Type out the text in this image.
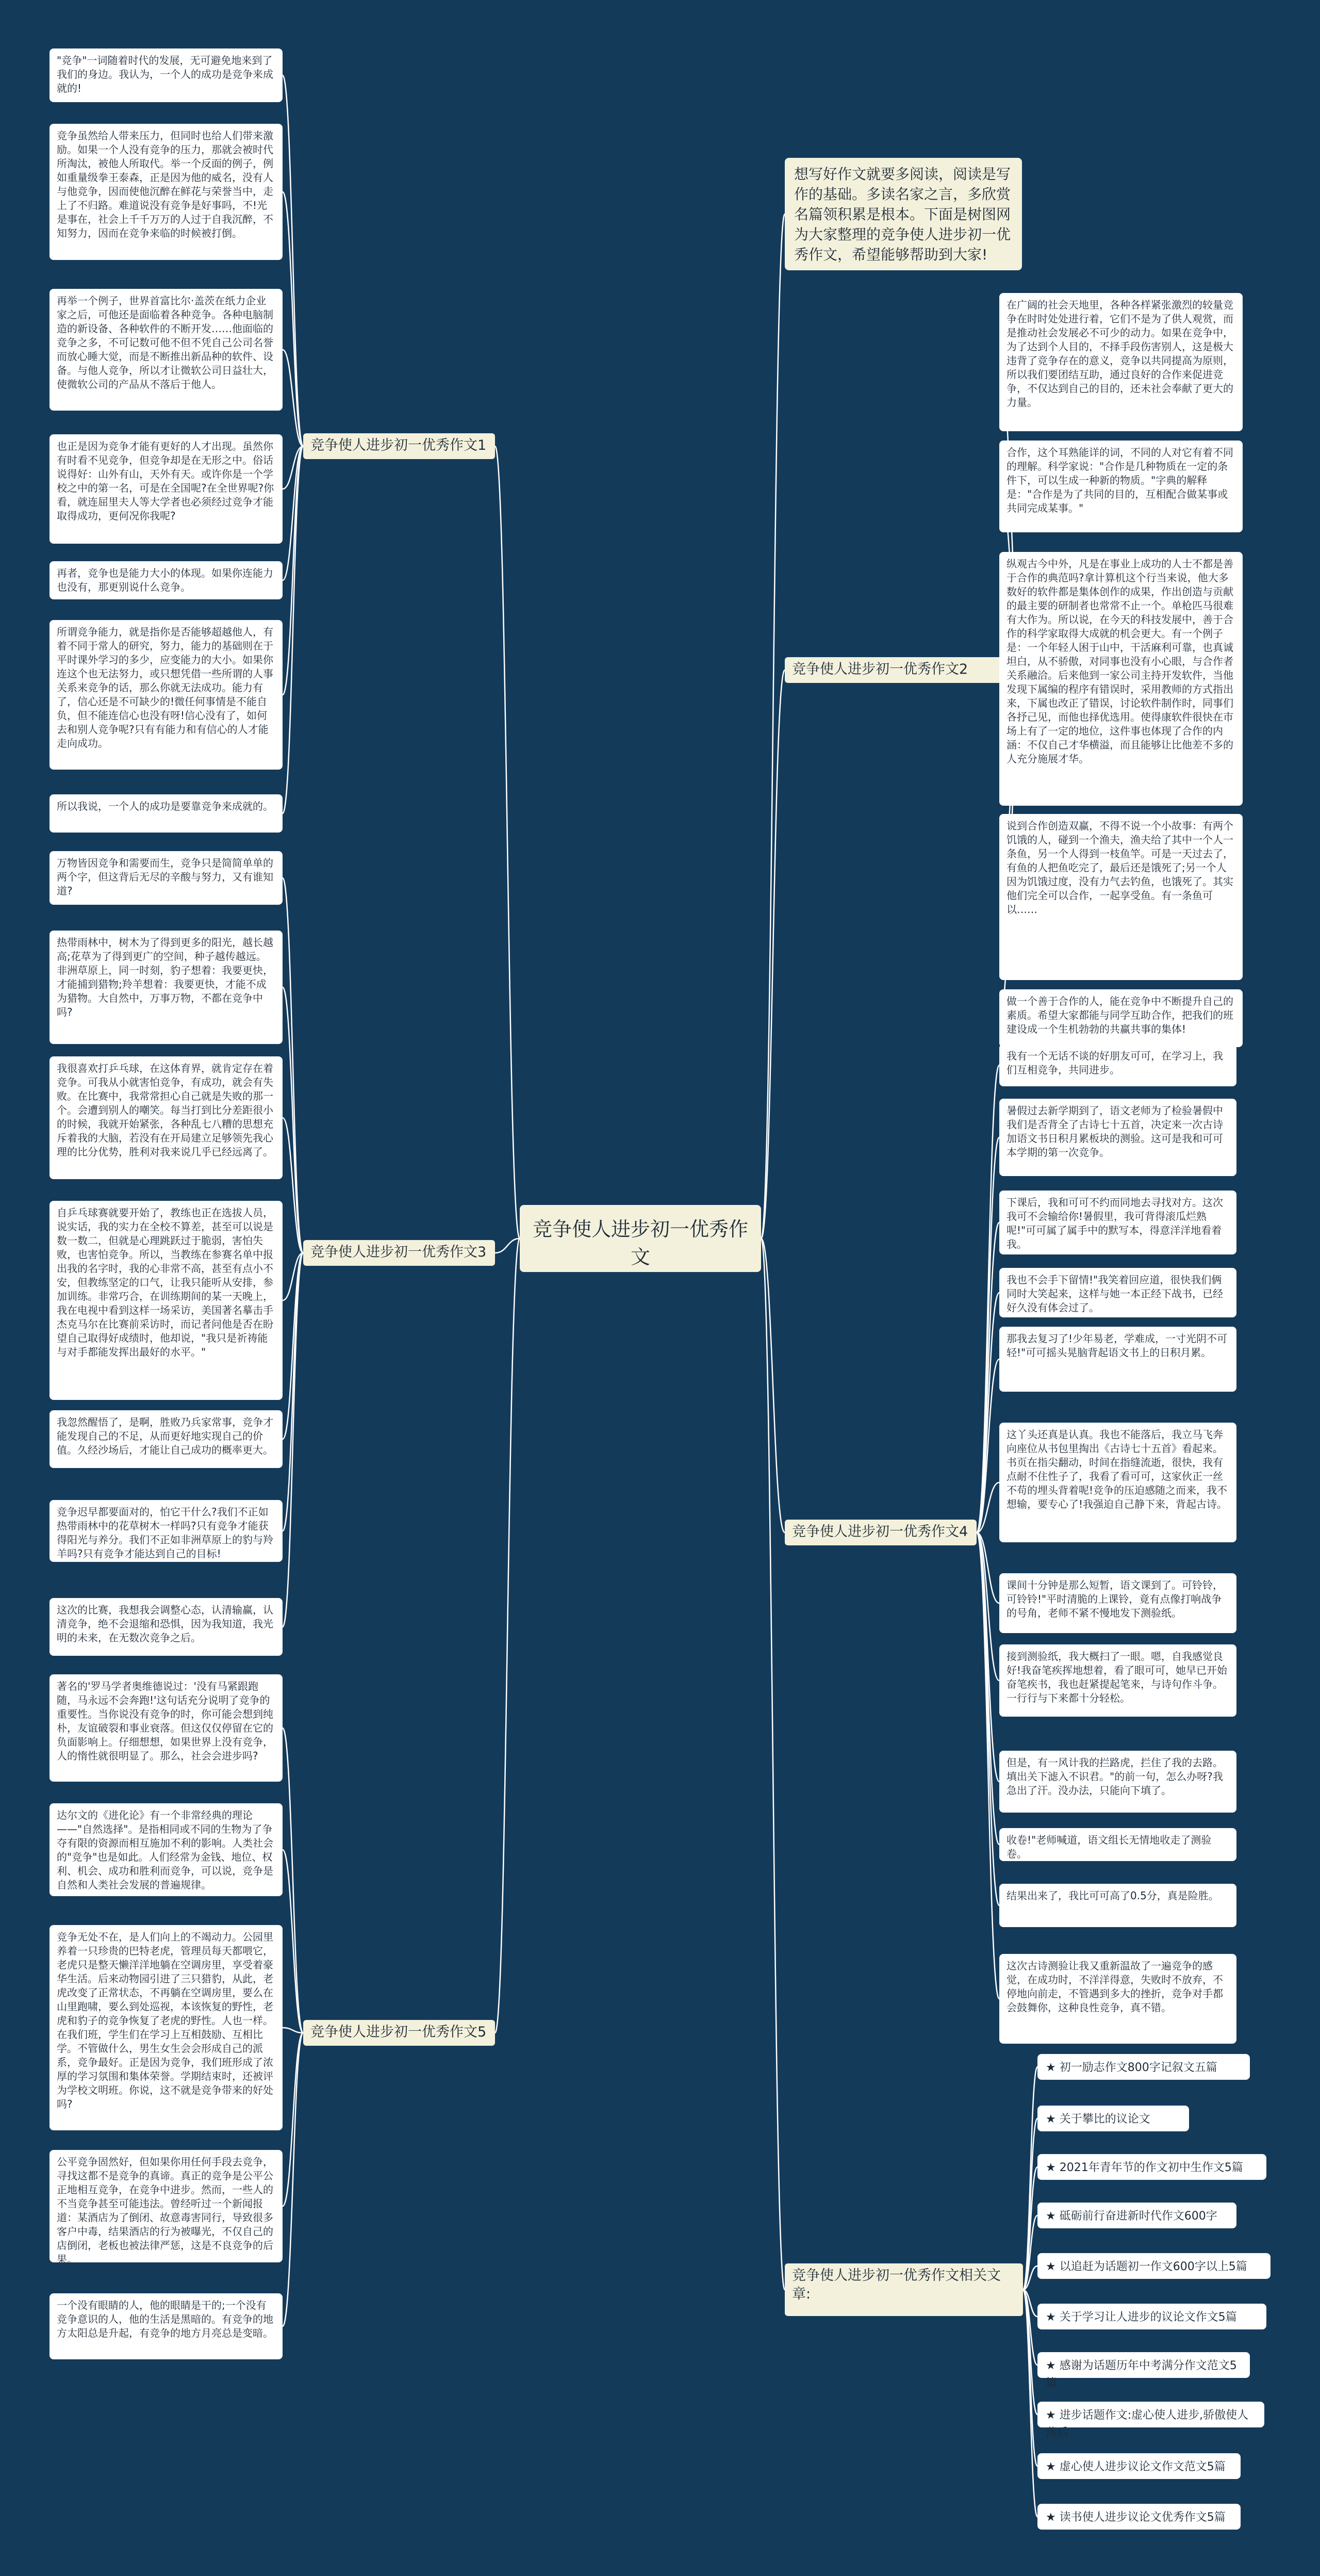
竞争使人进步初一优秀作文
想写好作文就要多阅读，阅读是写作的基础。多读名家之言，多欣赏名篇领积累是根本。下面是树图网为大家整理的竞争使人进步初一优秀作文，希望能够帮助到大家!
竞争使人进步初一优秀作文1
"竞争"一词随着时代的发展，无可避免地来到了我们的身边。我认为，一个人的成功是竞争来成就的!
竞争虽然给人带来压力，但同时也给人们带来激励。如果一个人没有竞争的压力，那就会被时代所淘汰，被他人所取代。举一个反面的例子，例如重量级拳王泰森，正是因为他的威名，没有人与他竞争，因而使他沉醉在鲜花与荣誉当中，走上了不归路。难道说没有竞争是好事吗，不!光是事在，社会上千千万万的人过于自我沉醉，不知努力，因而在竞争来临的时候被打倒。
再举一个例子，世界首富比尔·盖茨在纸力企业家之后，可他还是面临着各种竞争。各种电脑制造的新设备、各种软件的不断开发……他面临的竞争之多，不可记数可他不但不凭自己公司名誉而放心睡大觉，而是不断推出新品种的软件、设备。与他人竞争，所以才让微软公司日益壮大，使微软公司的产品从不落后于他人。
也正是因为竞争才能有更好的人才出现。虽然你有时看不见竞争，但竞争却是在无形之中。俗话说得好：山外有山，天外有天。或许你是一个学校之中的第一名，可是在全国呢?在全世界呢?你看，就连屈里夫人等大学者也必须经过竞争才能取得成功，更何况你我呢?
再者，竞争也是能力大小的体现。如果你连能力也没有，那更别说什么竞争。
所谓竞争能力，就是指你是否能够超越他人，有着不同于常人的研究，努力，能力的基础则在于平时课外学习的多少，应变能力的大小。如果你连这个也无法努力，或只想凭借一些所谓的人事关系来竞争的话，那么你就无法成功。能力有了，信心还是不可缺少的!微任何事情是不能自负，但不能连信心也没有呀!信心没有了，如何去和别人竞争呢?只有有能力和有信心的人才能走向成功。
所以我说，一个人的成功是要靠竞争来成就的。
竞争使人进步初一优秀作文2
在广阔的社会天地里，各种各样紧张激烈的较量竞争在时时处处进行着，它们不是为了供人观赏，而是推动社会发展必不可少的动力。如果在竞争中，为了达到个人目的，不择手段伤害别人，这是极大违背了竞争存在的意义，竞争以共同提高为原则，所以我们要团结互助，通过良好的合作来促进竞争，不仅达到自己的目的，还未社会奉献了更大的力量。
合作，这个耳熟能详的词，不同的人对它有着不同的理解。科学家说："合作是几种物质在一定的条件下，可以生成一种新的物质。"字典的解释是："合作是为了共同的目的，互相配合做某事或共同完成某事。"
纵观古今中外，凡是在事业上成功的人士不都是善于合作的典范吗?拿计算机这个行当来说，他大多数好的软件都是集体创作的成果，作出创造与贡献的最主要的研制者也常常不止一个。单枪匹马很难有大作为。所以说，在今天的科技发展中，善于合作的科学家取得大成就的机会更大。有一个例子是：一个年轻人困于山中，干活麻利可靠，也真诚坦白，从不骄傲，对同事也没有小心眼，与合作者关系融洽。后来他到一家公司主持开发软件，当他发现下属编的程序有错误时，采用教师的方式指出来，下属也改正了错误，讨论软件制作时，同事们各抒己见，而他也择优选用。使得康软件很快在市场上有了一定的地位，这件事也体现了合作的内涵：不仅自己才华横溢，而且能够让比他差不多的人充分施展才华。
说到合作创造双赢，不得不说一个小故事：有两个饥饿的人，碰到一个渔夫，渔夫给了其中一个人一条鱼，另一个人得到一枝鱼竿。可是一天过去了，有鱼的人把鱼吃完了，最后还是饿死了;另一个人因为饥饿过度，没有力气去钓鱼，也饿死了。其实他们完全可以合作，一起享受鱼。有一条鱼可以……
做一个善于合作的人，能在竞争中不断提升自己的素质。希望大家都能与同学互助合作，把我们的班建设成一个生机勃勃的共赢共事的集体!
竞争使人进步初一优秀作文3
万物皆因竞争和需要而生，竞争只是简简单单的两个字，但这背后无尽的辛酸与努力，又有谁知道?
热带雨林中，树木为了得到更多的阳光，越长越高;花草为了得到更广的空间，种子越传越远。非洲草原上，同一时刻，豹子想着：我要更快，才能捕到猎物;羚羊想着：我要更快，才能不成为猎物。大自然中，万事万物，不都在竞争中吗?
我很喜欢打乒乓球，在这体育界，就肯定存在着竞争。可我从小就害怕竞争，有成功，就会有失败。在比赛中，我常常担心自己就是失败的那一个。会遭到别人的嘲笑。每当打到比分差距很小的时候，我就开始紧张，各种乱七八糟的思想充斥着我的大脑，若没有在开局建立足够领先我心理的比分优势，胜利对我来说几乎已经远离了。
自乒乓球赛就要开始了，教练也正在选拔人员，说实话，我的实力在全校不算差，甚至可以说是数一数二，但就是心理跳跃过于脆弱，害怕失败，也害怕竞争。所以，当教练在参赛名单中报出我的名字时，我的心非常不高，甚至有点小不安，但教练坚定的口气，让我只能听从安排，参加训练。非常巧合，在训练期间的某一天晚上，我在电视中看到这样一场采访，美国著名摹击手杰克马尔在比赛前采访时，而记者问他是否在盼望自己取得好成绩时，他却说，"我只是祈祷能与对手都能发挥出最好的水平。"
我忽然醒悟了，是啊，胜败乃兵家常事，竞争才能发现自己的不足，从而更好地实现自己的价值。久经沙场后，才能让自己成功的概率更大。
竞争迟早都要面对的，怕它干什么?我们不正如热带雨林中的花草树木一样吗?只有竞争才能获得阳光与养分。我们不正如非洲草原上的豹与羚羊吗?只有竞争才能达到自己的目标!
这次的比赛，我想我会调整心态，认清输赢，认清竞争，绝不会退缩和恐惧，因为我知道，我光明的未来，在无数次竞争之后。
竞争使人进步初一优秀作文4
我有一个无话不谈的好朋友可可，在学习上，我们互相竞争，共同进步。
暑假过去新学期到了，语文老师为了检验暑假中我们是否背全了古诗七十五首，决定来一次古诗加语文书日积月累板块的测验。这可是我和可可本学期的第一次竞争。
下课后，我和可可不约而同地去寻找对方。这次我可不会输给你!暑假里，我可背得滚瓜烂熟呢!"可可属了属手中的默写本，得意洋洋地看着我。
我也不会手下留情!"我笑着回应道，很快我们俩同时大笑起来，这样与她一本正经下战书，已经好久没有体会过了。
那我去复习了!少年易老，学难成，一寸光阴不可轻!"可可摇头晃脑背起语文书上的日积月累。
这丫头还真是认真。我也不能落后，我立马飞奔向座位从书包里掏出《古诗七十五首》看起来。书页在指尖翻动，时间在指缝流逝，很快，我有点耐不住性子了，我看了看可可，这家伙正一丝不苟的埋头背着呢!竞争的压迫感随之而来，我不想输，要专心了!我强迫自己静下来，背起古诗。
课间十分钟是那么短暂，语文课到了。可铃铃，可铃铃!"平时清脆的上课铃，竟有点像打响战争的号角，老师不紧不慢地发下测验纸。
接到测验纸，我大概扫了一眼。嗯，自我感觉良好!我奋笔疾挥地想着，看了眼可可，她早已开始奋笔疾书，我也赶紧提起笔来，与诗句作斗争。一行行与下来都十分轻松。
但是，有一风计我的拦路虎，拦住了我的去路。填出关下滤入不识君。"的前一句，怎么办呀?我急出了汗。没办法，只能向下填了。
收卷!"老师喊道，语文组长无情地收走了测验卷。
结果出来了，我比可可高了0.5分，真是险胜。
这次古诗测验让我又重新温故了一遍竞争的感觉，在成功时，不洋洋得意，失败时不放弃，不停地向前走，不管遇到多大的挫折，竞争对手都会鼓舞你，这种良性竞争，真不错。
竞争使人进步初一优秀作文5
著名的'罗马学者奥维德说过：'没有马紧跟跑随，马永远不会奔跑!'这句话充分说明了竞争的重要性。当你说没有竞争的时，你可能会想到纯朴，友谊破裂和事业衰落。但这仅仅停留在它的负面影响上。仔细想想，如果世界上没有竞争，人的惰性就很明显了。那么，社会会进步吗?
达尔文的《进化论》有一个非常经典的理论——"自然选择"。是指相同或不同的生物为了争夺有限的资源而相互施加不利的影响。人类社会的"竞争"也是如此。人们经常为金钱、地位、权利、机会、成功和胜利而竞争，可以说，竞争是自然和人类社会发展的普遍规律。
竞争无处不在，是人们向上的不竭动力。公园里养着一只珍贵的巴特老虎，管理员每天都喂它，老虎只是整天懒洋洋地躺在空调房里，享受着豪华生活。后来动物园引进了三只猎豹，从此，老虎改变了正常状态，不再躺在空调房里，要么在山里跑啸，要么到处巡视，本该恢复的野性，老虎和豹子的竞争恢复了老虎的野性。人也一样。在我们班，学生们在学习上互相鼓励、互相比学。不管做什么，男生女生会会形成自己的派系，竞争最好。正是因为竞争，我们班形成了浓厚的学习氛围和集体荣誉。学期结束时，还被评为学校文明班。你说，这不就是竞争带来的好处吗?
公平竞争固然好，但如果你用任何手段去竞争，寻找这都不是竞争的真谛。真正的竞争是公平公正地相互竞争，在竞争中进步。然而，一些人的不当竞争甚至可能违法。曾经听过一个新闻报道：某酒店为了倒闭、故意毒害同行，导致很多客户中毒，结果酒店的行为被曝光，不仅自己的店倒闭，老板也被法律严惩，这是不良竞争的后果。
一个没有眼睛的人，他的眼睛是干的;一个没有竞争意识的人，他的生活是黑暗的。有竞争的地方太阳总是升起，有竞争的地方月亮总是变暗。
竞争使人进步初一优秀作文相关文章:
★ 初一励志作文800字记叙文五篇
★ 关于攀比的议论文
★ 2021年青年节的作文初中生作文5篇
★ 砥砺前行奋进新时代作文600字
★ 以追赶为话题初一作文600字以上5篇
★ 关于学习让人进步的议论文作文5篇
★ 感谢为话题历年中考满分作文范文5篇
★ 进步话题作文:虚心使人进步,骄傲使人落后
★ 虚心使人进步议论文作文范文5篇
★ 读书使人进步议论文优秀作文5篇
